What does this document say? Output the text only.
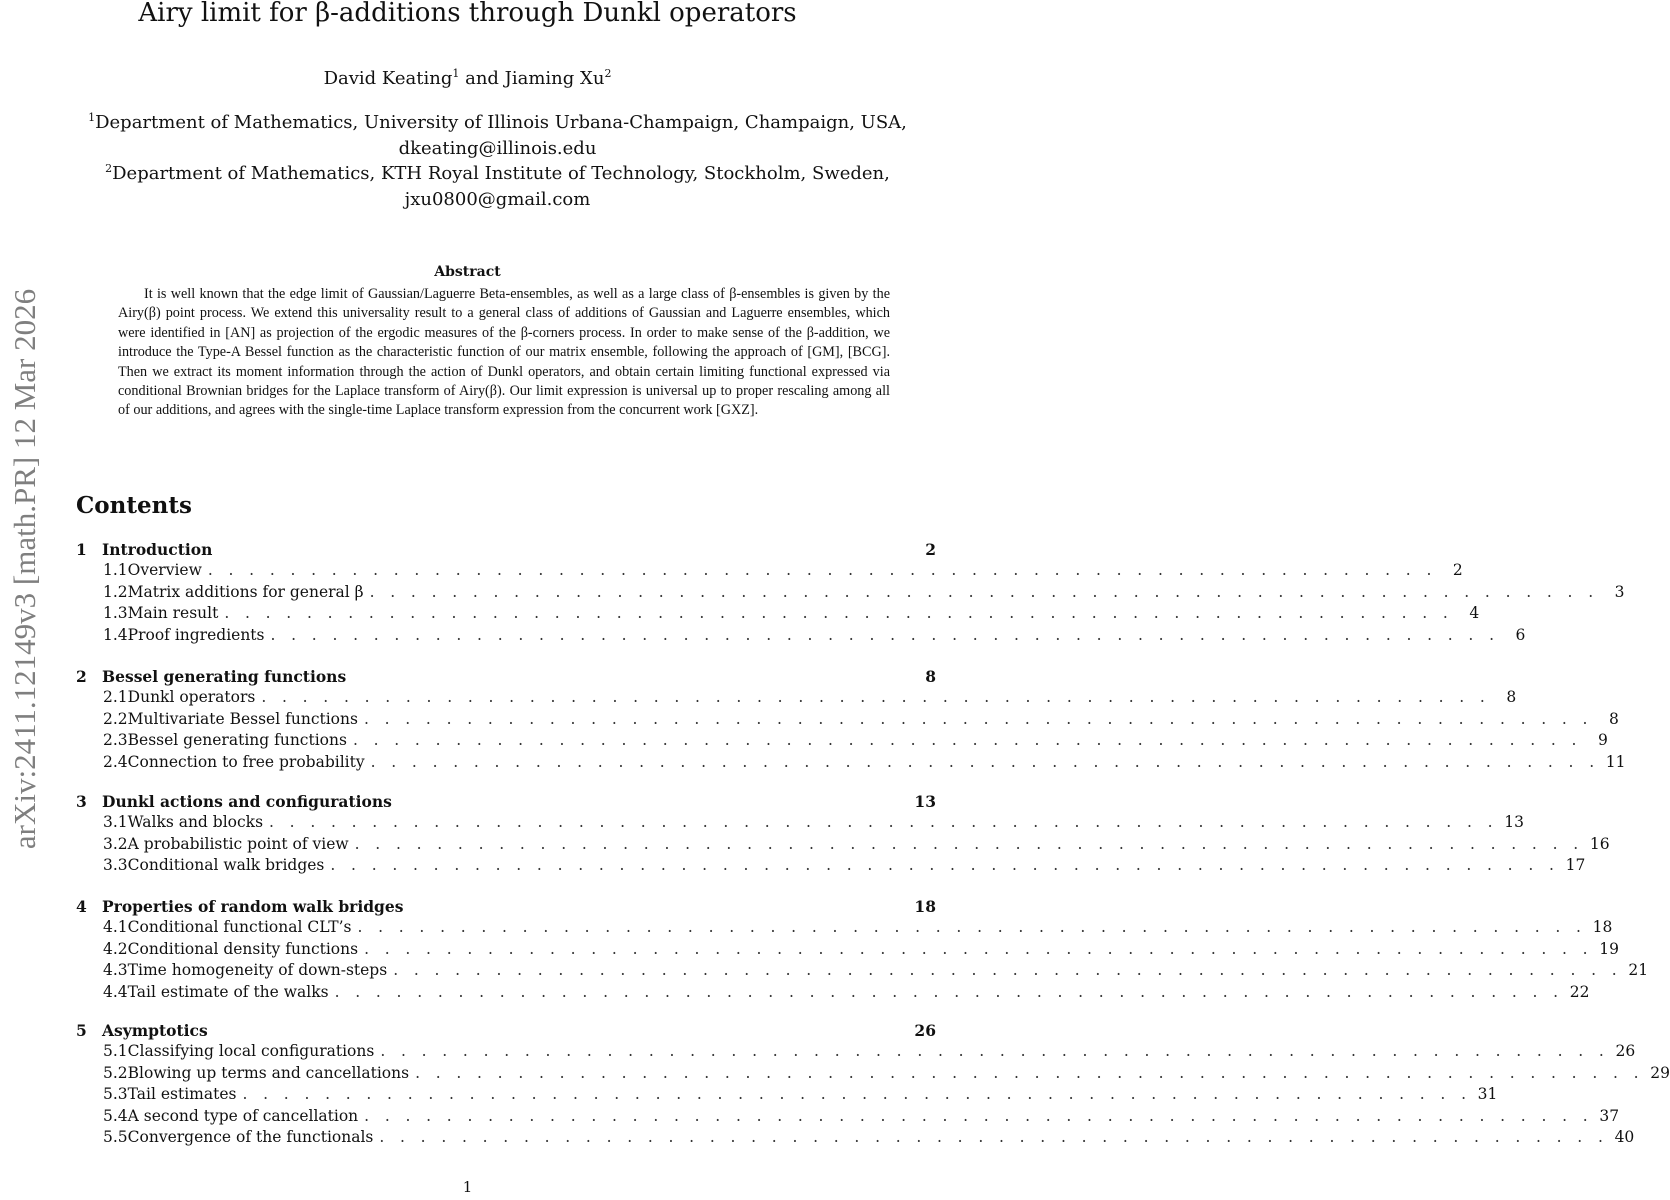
arXiv:2411.12149v3 [math.PR] 12 Mar 2026
Airy limit for β-additions through Dunkl operators
David Keating$^1$ and Jiaming Xu$^2$
$^1$Department of Mathematics, University of Illinois Urbana-Champaign, Champaign, USA,
dkeating@illinois.edu
$^2$Department of Mathematics, KTH Royal Institute of Technology, Stockholm, Sweden,
jxu0800@gmail.com
Abstract

It is well known that the edge limit of Gaussian/Laguerre Beta-ensembles, as well as a large class of β-ensembles is given by the Airy(β) point process. We extend this universality result to a general class of additions of Gaussian and Laguerre ensembles, which were identified in [AN] as projection of the ergodic measures of the β-corners process. In order to make sense of the β-addition, we introduce the Type-A Bessel function as the characteristic function of our matrix ensemble, following the approach of [GM], [BCG]. Then we extract its moment information through the action of Dunkl operators, and obtain certain limiting functional expressed via conditional Brownian bridges for the Laplace transform of Airy(β). Our limit expression is universal up to proper rescaling among all of our additions, and agrees with the single-time Laplace transform expression from the concurrent work [GXZ].

Contents
1 Introduction	2
1.1 Overview . . . . . . . . . . . . . . . . . . . . . . . . . . . . . . . . . . . . . . . . . . . . . . . . . . . . . . . . . . . .	2
1.2 Matrix additions for general β . . . . . . . . . . . . . . . . . . . . . . . . . . . . . . . . . . . . . . . . . . . . . . . . . . . . . . . . . . . .	3
1.3 Main result . . . . . . . . . . . . . . . . . . . . . . . . . . . . . . . . . . . . . . . . . . . . . . . . . . . . . . . . . . . .	4
1.4 Proof ingredients . . . . . . . . . . . . . . . . . . . . . . . . . . . . . . . . . . . . . . . . . . . . . . . . . . . . . . . . . . . .	6
2 Bessel generating functions	8
2.1 Dunkl operators . . . . . . . . . . . . . . . . . . . . . . . . . . . . . . . . . . . . . . . . . . . . . . . . . . . . . . . . . . . .	8
2.2 Multivariate Bessel functions . . . . . . . . . . . . . . . . . . . . . . . . . . . . . . . . . . . . . . . . . . . . . . . . . . . . . . . . . . . .	8
2.3 Bessel generating functions . . . . . . . . . . . . . . . . . . . . . . . . . . . . . . . . . . . . . . . . . . . . . . . . . . . . . . . . . . . .	9
2.4 Connection to free probability . . . . . . . . . . . . . . . . . . . . . . . . . . . . . . . . . . . . . . . . . . . . . . . . . . . . . . . . . . . . 11
3 Dunkl actions and configurations	13
3.1 Walks and blocks . . . . . . . . . . . . . . . . . . . . . . . . . . . . . . . . . . . . . . . . . . . . . . . . . . . . . . . . . . . . 13
3.2 A probabilistic point of view . . . . . . . . . . . . . . . . . . . . . . . . . . . . . . . . . . . . . . . . . . . . . . . . . . . . . . . . . . . . 16
3.3 Conditional walk bridges . . . . . . . . . . . . . . . . . . . . . . . . . . . . . . . . . . . . . . . . . . . . . . . . . . . . . . . . . . . . 17
4 Properties of random walk bridges	18
4.1 Conditional functional CLT’s . . . . . . . . . . . . . . . . . . . . . . . . . . . . . . . . . . . . . . . . . . . . . . . . . . . . . . . . . . . . 18
4.2 Conditional density functions . . . . . . . . . . . . . . . . . . . . . . . . . . . . . . . . . . . . . . . . . . . . . . . . . . . . . . . . . . . . 19
4.3 Time homogeneity of down-steps . . . . . . . . . . . . . . . . . . . . . . . . . . . . . . . . . . . . . . . . . . . . . . . . . . . . . . . . . . . . 21
4.4 Tail estimate of the walks . . . . . . . . . . . . . . . . . . . . . . . . . . . . . . . . . . . . . . . . . . . . . . . . . . . . . . . . . . . . 22
5 Asymptotics	26
5.1 Classifying local configurations . . . . . . . . . . . . . . . . . . . . . . . . . . . . . . . . . . . . . . . . . . . . . . . . . . . . . . . . . . . . 26
5.2 Blowing up terms and cancellations . . . . . . . . . . . . . . . . . . . . . . . . . . . . . . . . . . . . . . . . . . . . . . . . . . . . . . . . . . . . 29
5.3 Tail estimates . . . . . . . . . . . . . . . . . . . . . . . . . . . . . . . . . . . . . . . . . . . . . . . . . . . . . . . . . . . . 31
5.4 A second type of cancellation . . . . . . . . . . . . . . . . . . . . . . . . . . . . . . . . . . . . . . . . . . . . . . . . . . . . . . . . . . . . 37
5.5 Convergence of the functionals . . . . . . . . . . . . . . . . . . . . . . . . . . . . . . . . . . . . . . . . . . . . . . . . . . . . . . . . . . . . 40
1
